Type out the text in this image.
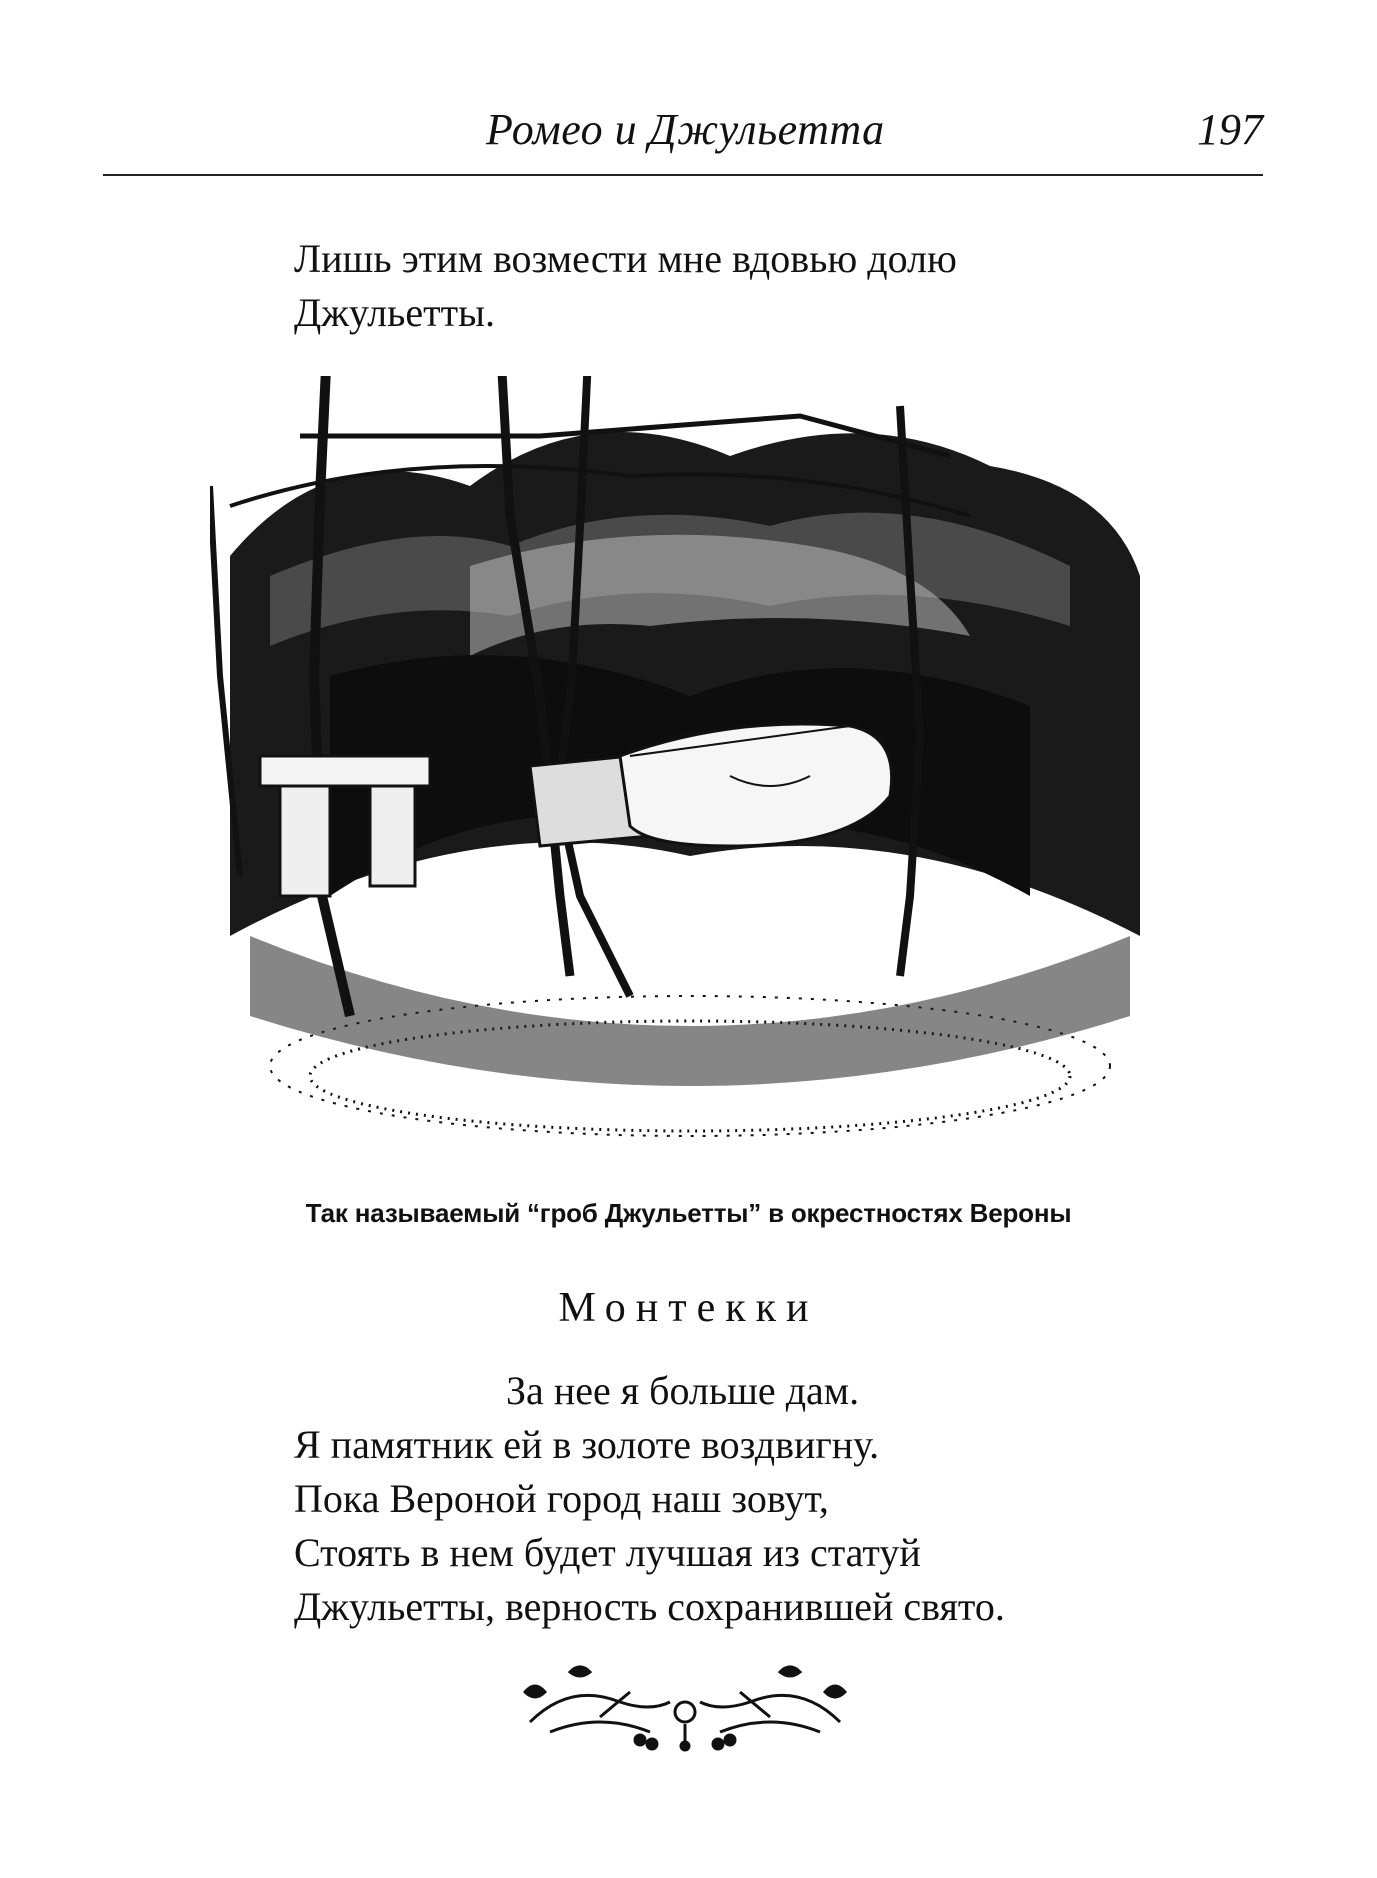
Ромео и Джульетта	197
Лишь этим возмести мне вдовью долю
Джульетты.
Так называемый “гроб Джульетты” в окрестностях Вероны
Монтекки
За нее я больше дам.
Я памятник ей в золоте воздвигну.
Пока Вероной город наш зовут,
Стоять в нем будет лучшая из статуй
Джульетты, верность сохранившей свято.
